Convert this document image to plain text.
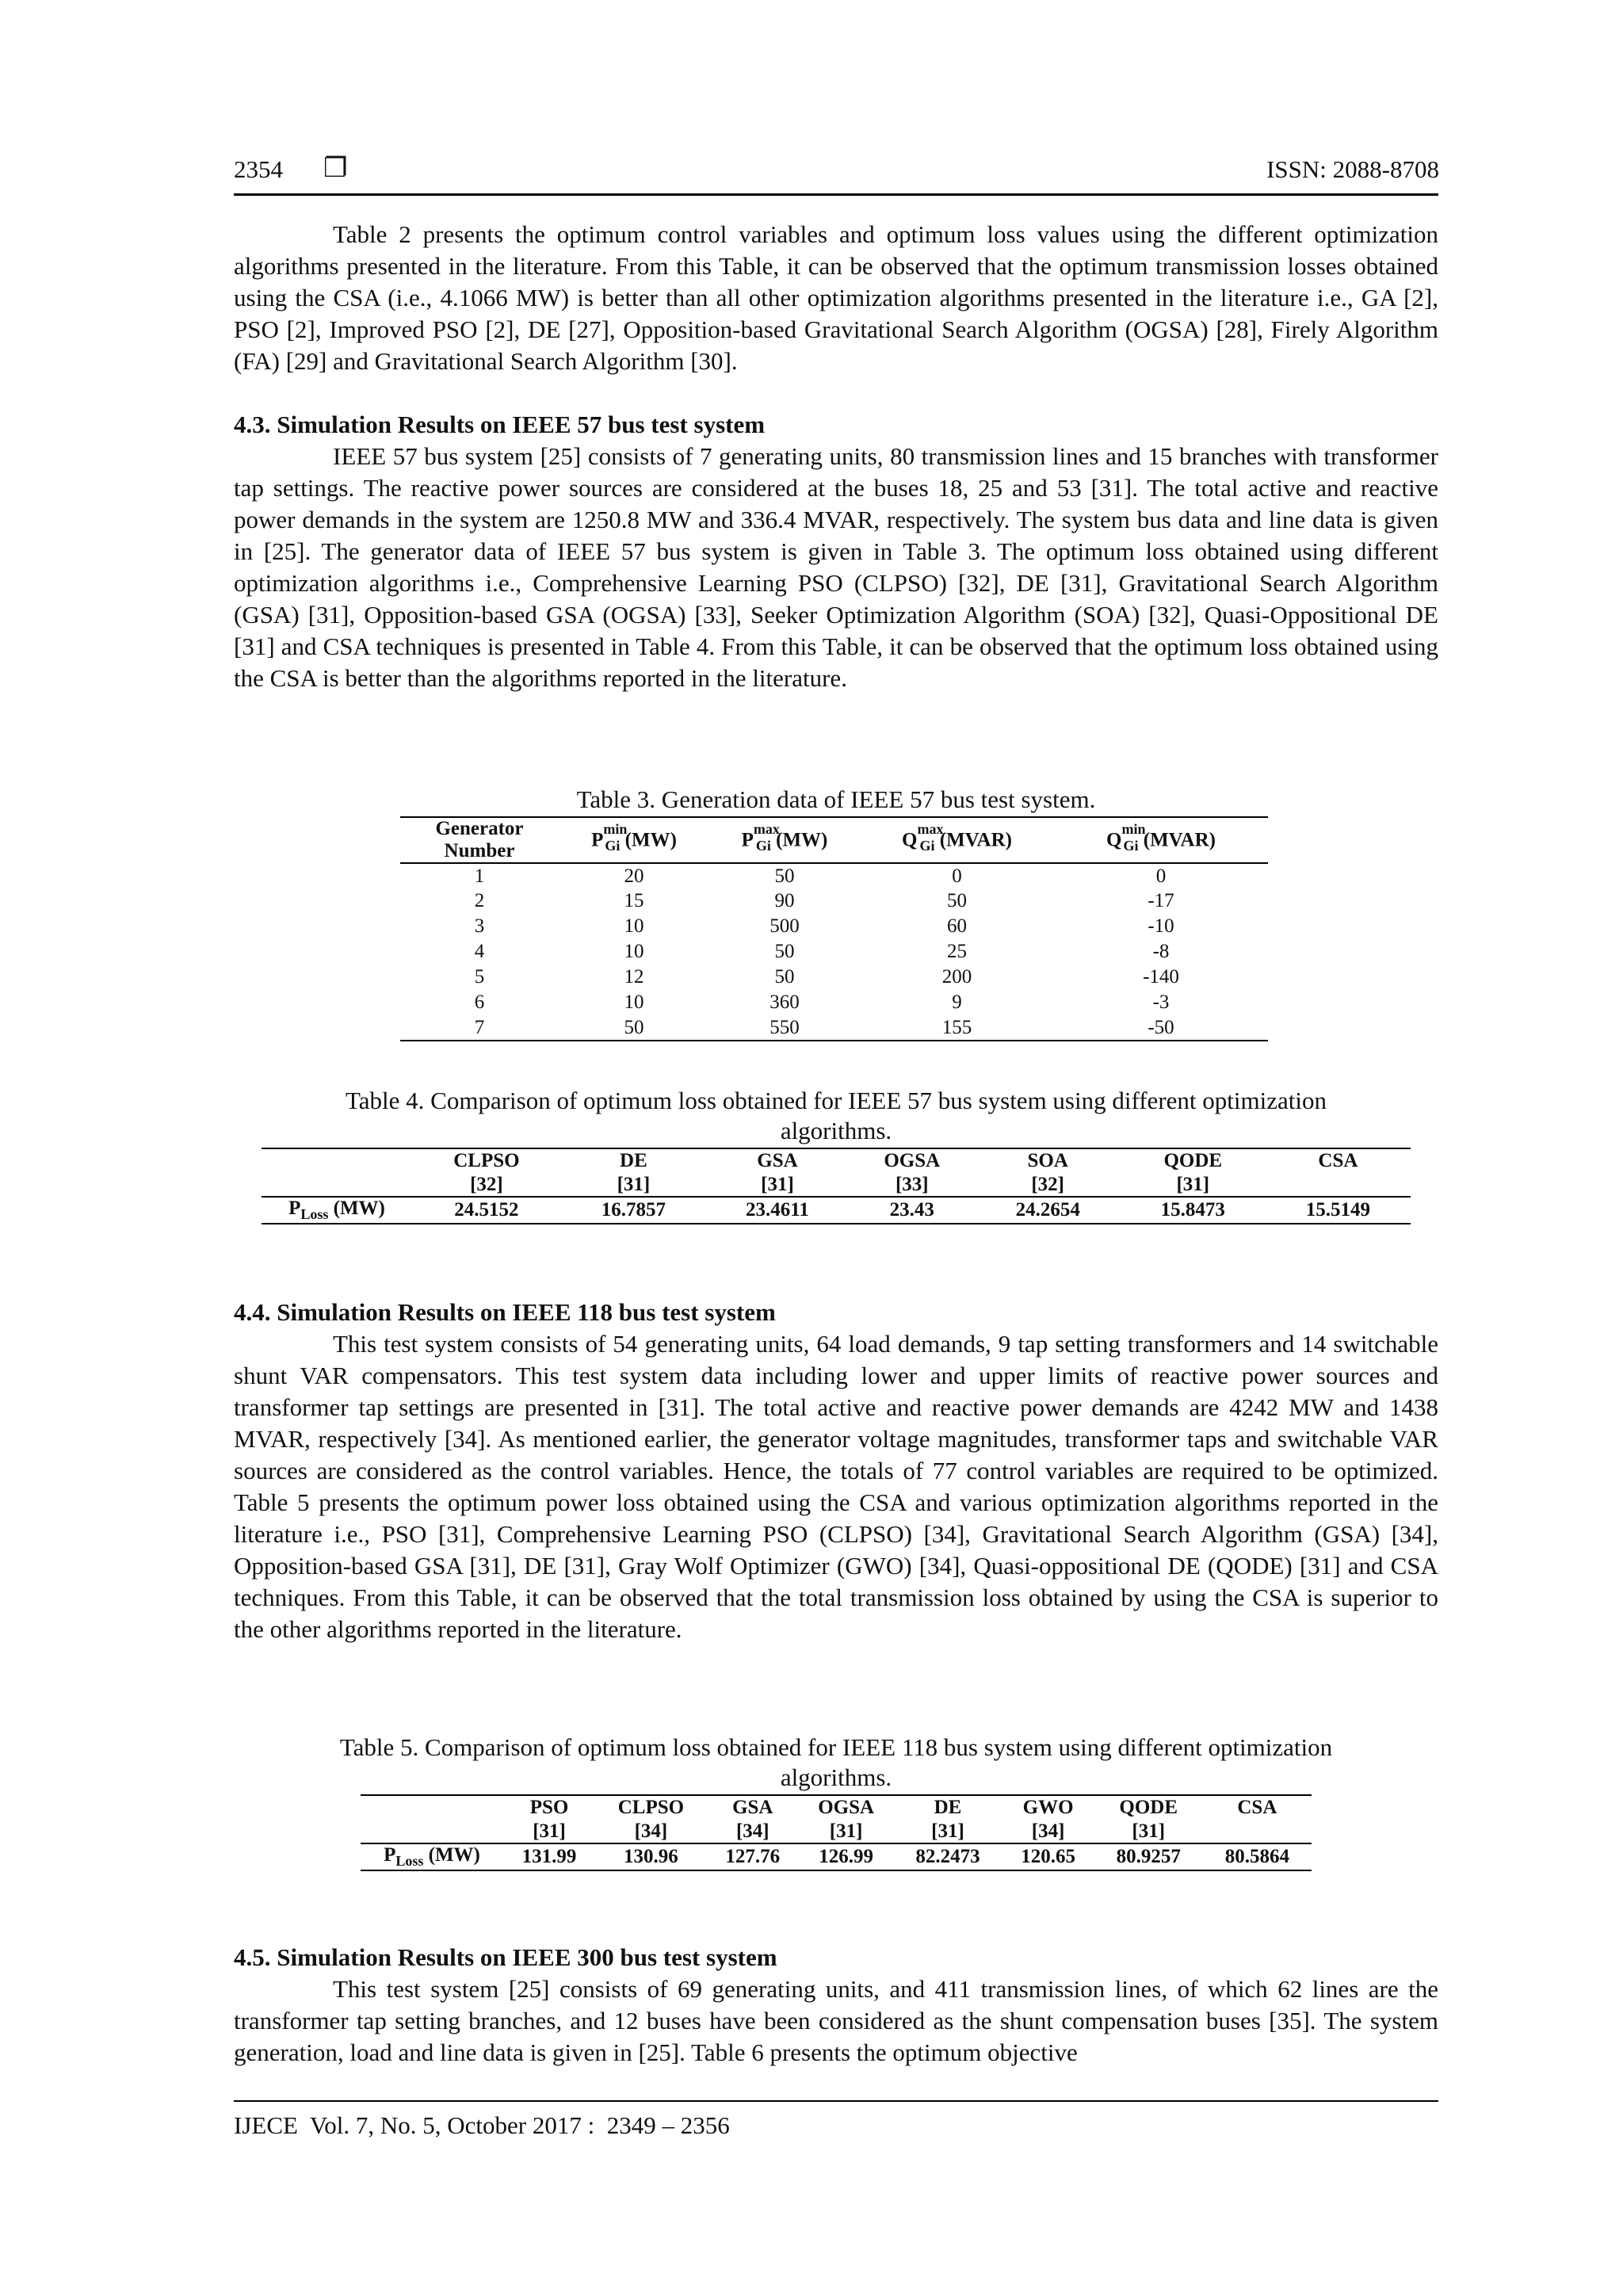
2354 ❐	ISSN: 2088-8708

Table 2 presents the optimum control variables and optimum loss values using the different optimization algorithms presented in the literature. From this Table, it can be observed that the optimum transmission losses obtained using the CSA (i.e., 4.1066 MW) is better than all other optimization algorithms presented in the literature i.e., GA [2], PSO [2], Improved PSO [2], DE [27], Opposition-based Gravitational Search Algorithm (OGSA) [28], Firely Algorithm (FA) [29] and Gravitational Search Algorithm [30].

4.3. Simulation Results on IEEE 57 bus test system

IEEE 57 bus system [25] consists of 7 generating units, 80 transmission lines and 15 branches with transformer tap settings. The reactive power sources are considered at the buses 18, 25 and 53 [31]. The total active and reactive power demands in the system are 1250.8 MW and 336.4 MVAR, respectively. The system bus data and line data is given in [25]. The generator data of IEEE 57 bus system is given in Table 3. The optimum loss obtained using different optimization algorithms i.e., Comprehensive Learning PSO (CLPSO) [32], DE [31], Gravitational Search Algorithm (GSA) [31], Opposition-based GSA (OGSA) [33], Seeker Optimization Algorithm (SOA) [32], Quasi-Oppositional DE [31] and CSA techniques is presented in Table 4. From this Table, it can be observed that the optimum loss obtained using the CSA is better than the algorithms reported in the literature.

Table 3. Generation data of IEEE 57 bus test system.
Generator Number	$P^{min}_{Gi}$ (MW)	$P^{max}_{Gi}$ (MW)	$Q^{max}_{Gi}$ (MVAR)	$Q^{min}_{Gi}$ (MVAR)
1	20	50	0	0
2	15	90	50	-17
3	10	500	60	-10
4	10	50	25	-8
5	12	50	200	-140
6	10	360	9	-3
7	50	550	155	-50
Table 4. Comparison of optimum loss obtained for IEEE 57 bus system using different optimization
algorithms.
	CLPSO	DE	GSA	OGSA	SOA	QODE	CSA
	[32]	[31]	[31]	[33]	[32]	[31]	
$P_{Loss}$ (MW)	24.5152	16.7857	23.4611	23.43	24.2654	15.8473	15.5149

4.4. Simulation Results on IEEE 118 bus test system

This test system consists of 54 generating units, 64 load demands, 9 tap setting transformers and 14 switchable shunt VAR compensators. This test system data including lower and upper limits of reactive power sources and transformer tap settings are presented in [31]. The total active and reactive power demands are 4242 MW and 1438 MVAR, respectively [34]. As mentioned earlier, the generator voltage magnitudes, transformer taps and switchable VAR sources are considered as the control variables. Hence, the totals of 77 control variables are required to be optimized. Table 5 presents the optimum power loss obtained using the CSA and various optimization algorithms reported in the literature i.e., PSO [31], Comprehensive Learning PSO (CLPSO) [34], Gravitational Search Algorithm (GSA) [34], Opposition-based GSA [31], DE [31], Gray Wolf Optimizer (GWO) [34], Quasi-oppositional DE (QODE) [31] and CSA techniques. From this Table, it can be observed that the total transmission loss obtained by using the CSA is superior to the other algorithms reported in the literature.

Table 5. Comparison of optimum loss obtained for IEEE 118 bus system using different optimization
algorithms.
	PSO	CLPSO	GSA	OGSA	DE	GWO	QODE	CSA
	[31]	[34]	[34]	[31]	[31]	[34]	[31]	
$P_{Loss}$ (MW)	131.99	130.96	127.76	126.99	82.2473	120.65	80.9257	80.5864

4.5. Simulation Results on IEEE 300 bus test system

This test system [25] consists of 69 generating units, and 411 transmission lines, of which 62 lines are the transformer tap setting branches, and 12 buses have been considered as the shunt compensation buses [35]. The system generation, load and line data is given in [25]. Table 6 presents the optimum objective

IJECE Vol. 7, No. 5, October 2017 : 2349 – 2356
